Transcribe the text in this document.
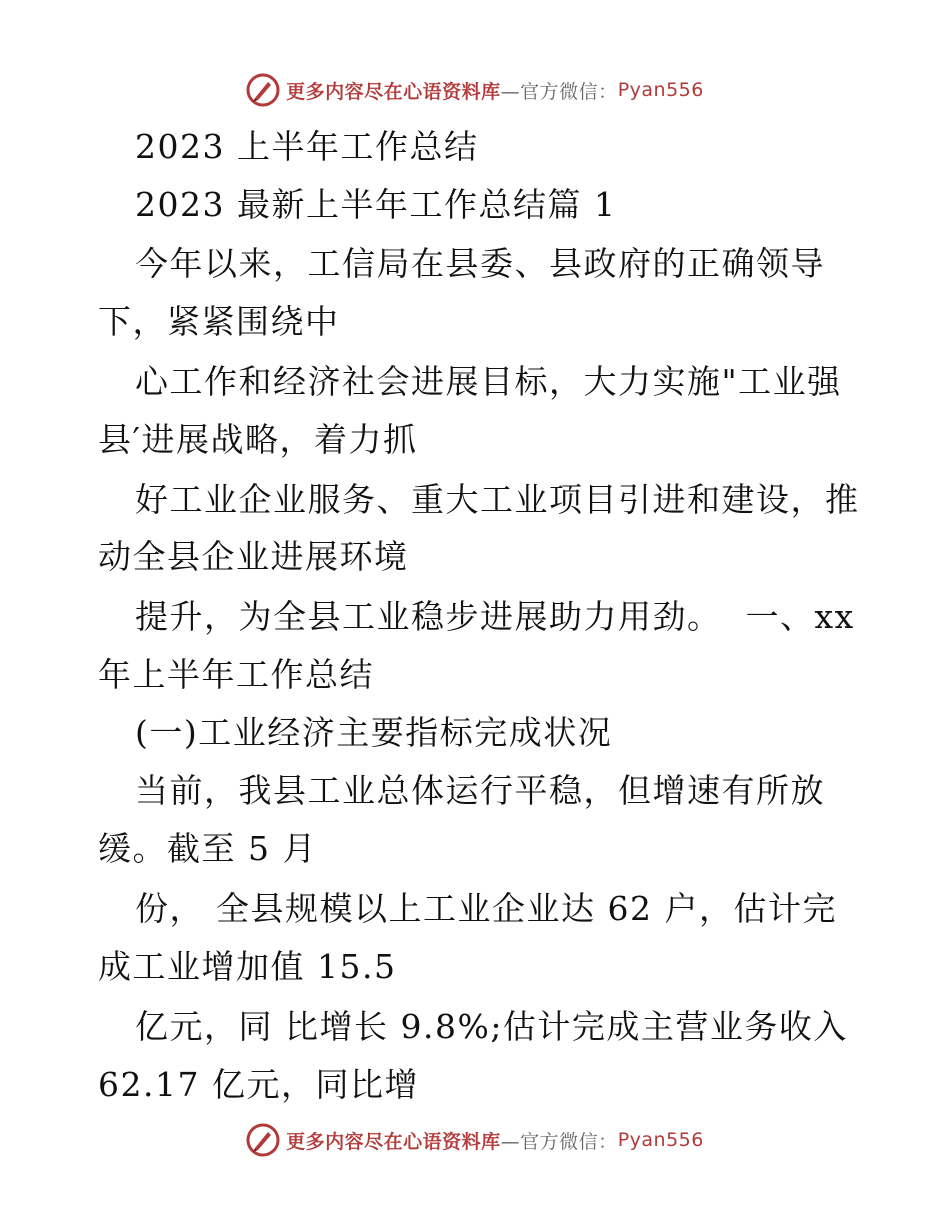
更多内容尽在心语资料库 —官方微信： Pyan556
2023 上半年工作总结
2023 最新上半年工作总结篇 1
今年以来，工信局在县委、县政府的正确领导
下，紧紧围绕中
心工作和经济社会进展目标，大力实施"工业强
县′进展战略，着力抓
好工业企业服务、重大工业项目引进和建设，推
动全县企业进展环境
提升，为全县工业稳步进展助力用劲。  一、xx
年上半年工作总结
(一)工业经济主要指标完成状况
当前，我县工业总体运行平稳，但增速有所放
缓。截至 5 月
份， 全县规模以上工业企业达 62 户，估计完
成工业增加值 15.5
亿元，同 比增长 9.8%;估计完成主营业务收入
62.17 亿元，同比增
更多内容尽在心语资料库 —官方微信： Pyan556
